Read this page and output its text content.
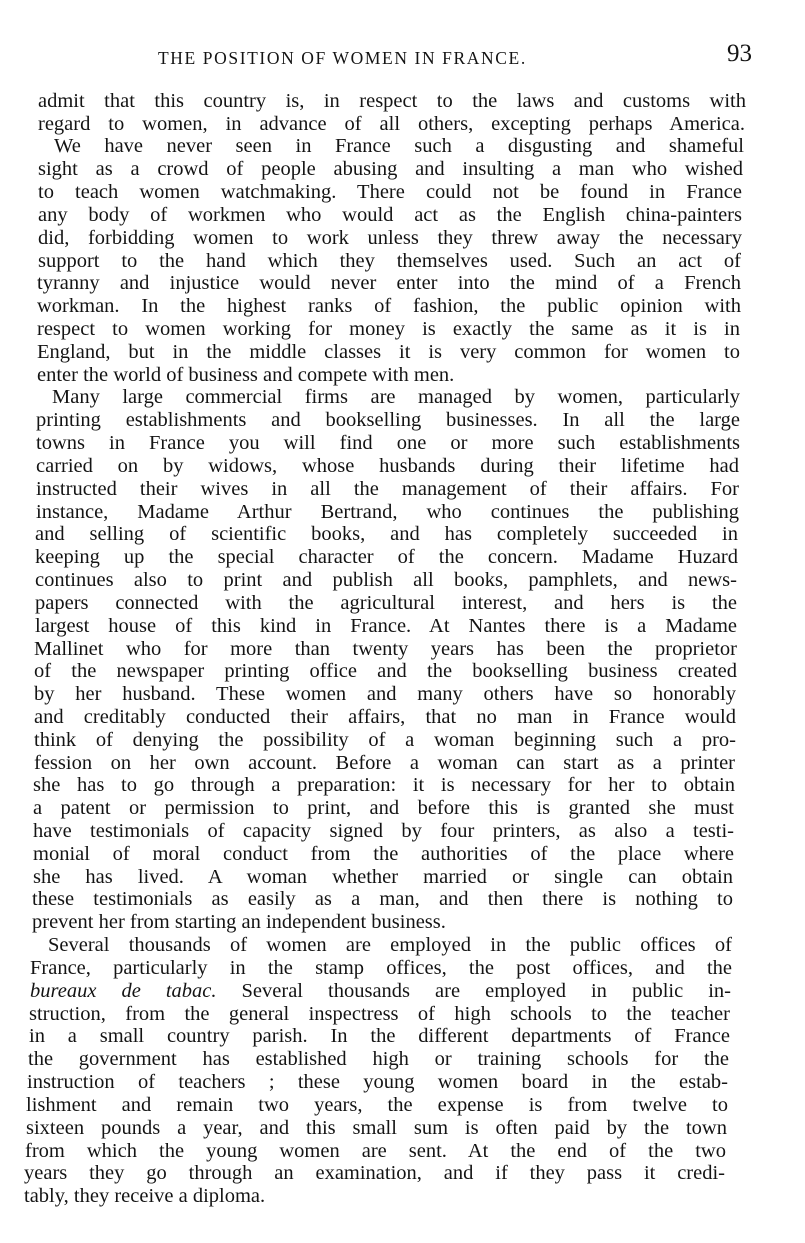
THE POSITION OF WOMEN IN FRANCE.	93
admit that this country is, in respect to the laws and customs with
regard to women, in advance of all others, excepting perhaps America.
We have never seen in France such a disgusting and shameful
sight as a crowd of people abusing and insulting a man who wished
to teach women watchmaking. There could not be found in France
any body of workmen who would act as the English china-painters
did, forbidding women to work unless they threw away the necessary
support to the hand which they themselves used. Such an act of
tyranny and injustice would never enter into the mind of a French
workman. In the highest ranks of fashion, the public opinion with
respect to women working for money is exactly the same as it is in
England, but in the middle classes it is very common for women to
enter the world of business and compete with men.
Many large commercial firms are managed by women, particularly
printing establishments and bookselling businesses. In all the large
towns in France you will find one or more such establishments
carried on by widows, whose husbands during their lifetime had
instructed their wives in all the management of their affairs. For
instance, Madame Arthur Bertrand, who continues the publishing
and selling of scientific books, and has completely succeeded in
keeping up the special character of the concern. Madame Huzard
continues also to print and publish all books, pamphlets, and news-
papers connected with the agricultural interest, and hers is the
largest house of this kind in France. At Nantes there is a Madame
Mallinet who for more than twenty years has been the proprietor
of the newspaper printing office and the bookselling business created
by her husband. These women and many others have so honorably
and creditably conducted their affairs, that no man in France would
think of denying the possibility of a woman beginning such a pro-
fession on her own account. Before a woman can start as a printer
she has to go through a preparation: it is necessary for her to obtain
a patent or permission to print, and before this is granted she must
have testimonials of capacity signed by four printers, as also a testi-
monial of moral conduct from the authorities of the place where
she has lived. A woman whether married or single can obtain
these testimonials as easily as a man, and then there is nothing to
prevent her from starting an independent business.
Several thousands of women are employed in the public offices of
France, particularly in the stamp offices, the post offices, and the
bureaux de tabac. Several thousands are employed in public in-
struction, from the general inspectress of high schools to the teacher
in a small country parish. In the different departments of France
the government has established high or training schools for the
instruction of teachers ; these young women board in the estab-
lishment and remain two years, the expense is from twelve to
sixteen pounds a year, and this small sum is often paid by the town
from which the young women are sent. At the end of the two
years they go through an examination, and if they pass it credi-
tably, they receive a diploma.
